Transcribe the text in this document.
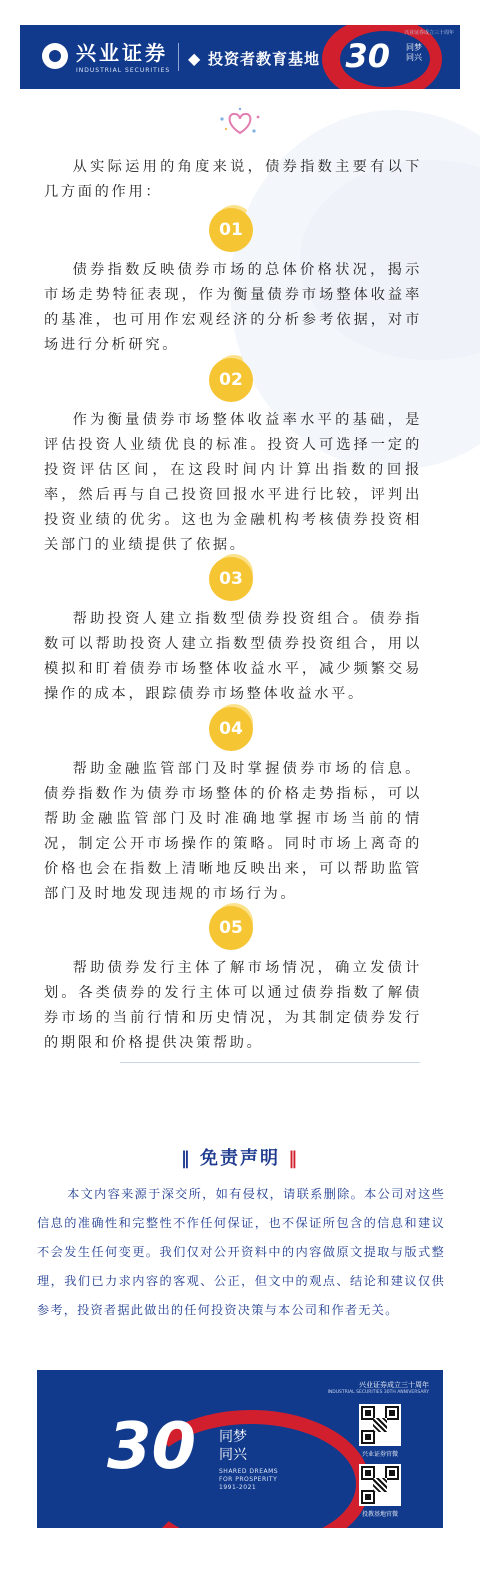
兴业证券
INDUSTRIAL SECURITIES
◆ 投资者教育基地 30 同梦
同兴
兴业证券成立三十周年

从实际运用的角度来说，债券指数主要有以下几方面的作用：

01

债券指数反映债券市场的总体价格状况，揭示市场走势特征表现，作为衡量债券市场整体收益率的基准，也可用作宏观经济的分析参考依据，对市场进行分析研究。

02

作为衡量债券市场整体收益率水平的基础，是评估投资人业绩优良的标准。投资人可选择一定的投资评估区间，在这段时间内计算出指数的回报率，然后再与自己投资回报水平进行比较，评判出投资业绩的优劣。这也为金融机构考核债券投资相关部门的业绩提供了依据。

03

帮助投资人建立指数型债券投资组合。债券指数可以帮助投资人建立指数型债券投资组合，用以模拟和盯着债券市场整体收益水平，减少频繁交易操作的成本，跟踪债券市场整体收益水平。

04

帮助金融监管部门及时掌握债券市场的信息。债券指数作为债券市场整体的价格走势指标，可以帮助金融监管部门及时准确地掌握市场当前的情况，制定公开市场操作的策略。同时市场上离奇的价格也会在指数上清晰地反映出来，可以帮助监管部门及时地发现违规的市场行为。

05

帮助债券发行主体了解市场情况，确立发债计划。各类债券的发行主体可以通过债券指数了解债券市场的当前行情和历史情况，为其制定债券发行的期限和价格提供决策帮助。

‖ 免责声明 ‖

本文内容来源于深交所，如有侵权，请联系删除。本公司对这些信息的准确性和完整性不作任何保证，也不保证所包含的信息和建议不会发生任何变更。我们仅对公开资料中的内容做原文提取与版式整理，我们已力求内容的客观、公正，但文中的观点、结论和建议仅供参考，投资者据此做出的任何投资决策与本公司和作者无关。

30 同梦
同兴
SHARED DREAMS
FOR PROSPERITY
1991-2021
兴业证券成立三十周年
INDUSTRIAL SECURITIES 30TH ANNIVERSARY
兴业证券官微
投教基地官微
